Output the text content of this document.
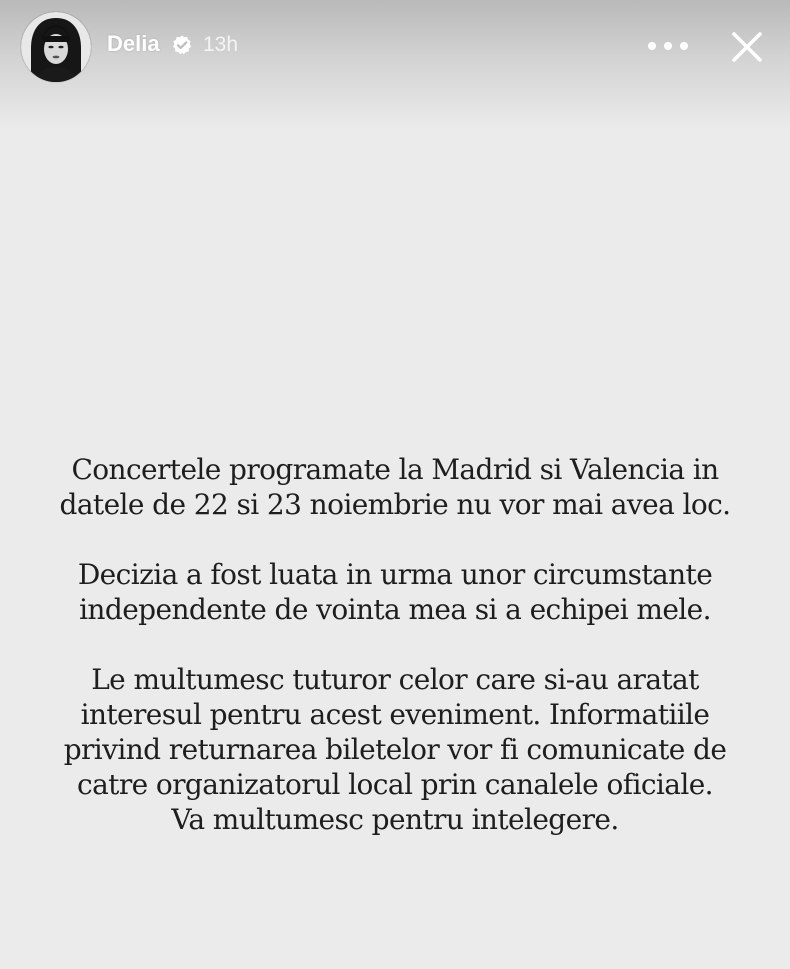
Delia 13h
Concertele programate la Madrid si Valencia in
datele de 22 si 23 noiembrie nu vor mai avea loc.
Decizia a fost luata in urma unor circumstante
independente de vointa mea si a echipei mele.
Le multumesc tuturor celor care si-au aratat
interesul pentru acest eveniment. Informatiile
privind returnarea biletelor vor fi comunicate de
catre organizatorul local prin canalele oficiale.
Va multumesc pentru intelegere.
